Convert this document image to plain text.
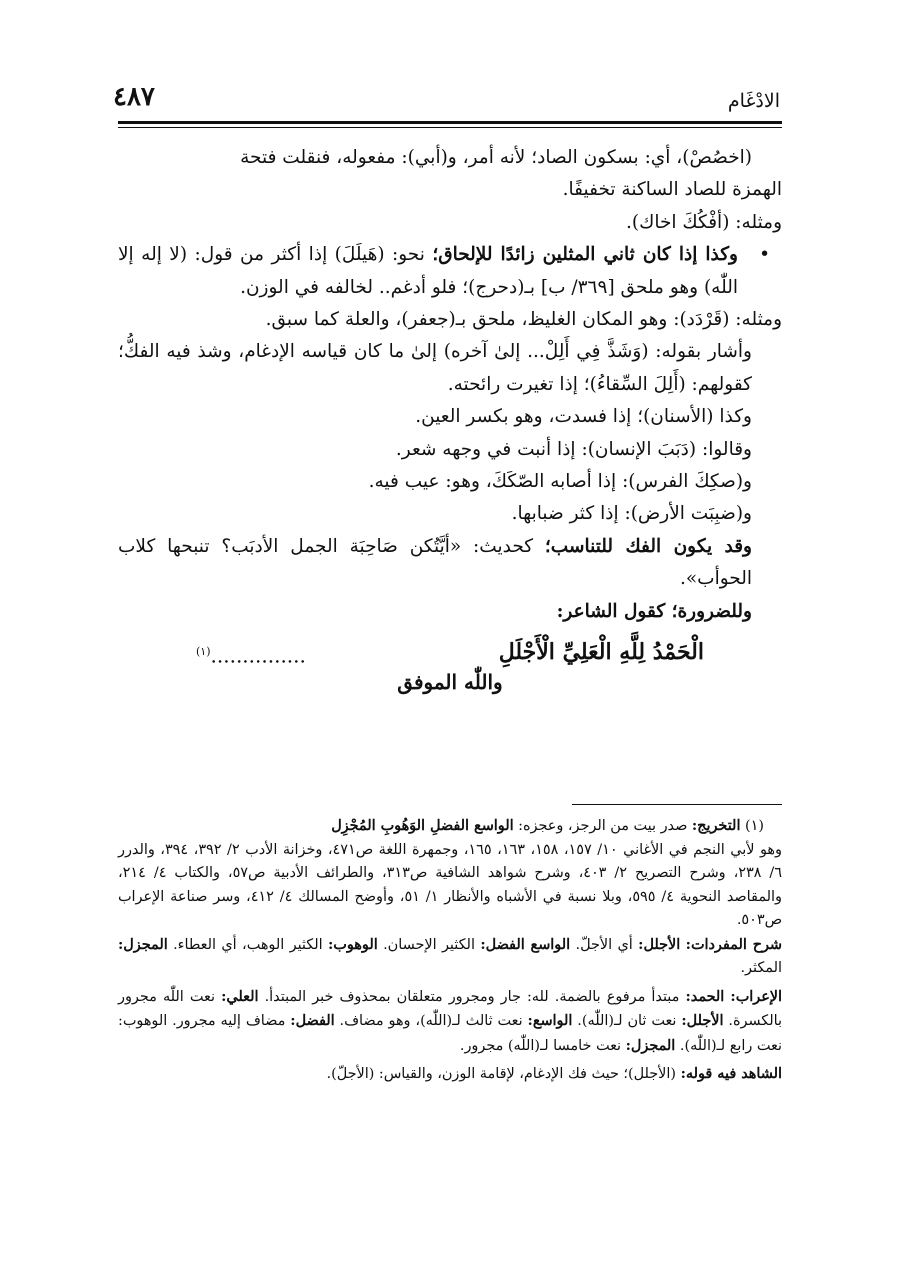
الادْغَام
٤٨٧

(اخصُصْ)، أي: بسكون الصاد؛ لأنه أمر، و(أبي): مفعوله، فنقلت فتحة

الهمزة للصاد الساكنة تخفيفًا.

ومثله: (أفْكُكَ اخاك).

•
وكذا إذا كان ثاني المثلين زائدًا للإلحاق؛ نحو: (هَيلَلَ) إذا أكثر من قول: (لا إله إلا اللّٰه) وهو ملحق [٣٦٩/ ب] بـ(دحرج)؛ فلو أدغم.. لخالفه في الوزن.

ومثله: (قَرْدَد): وهو المكان الغليظ، ملحق بـ(جعفر)، والعلة كما سبق.

وأشار بقوله: (وَشَذَّ فِي أَلِلْ... إلىٰ آخره) إلىٰ ما كان قياسه الإدغام، وشذ فيه الفكُّ؛ كقولهم: (أَلِلَ السِّقاءُ)؛ إذا تغيرت رائحته.

وكذا (الأسنان)؛ إذا فسدت، وهو بكسر العين.

وقالوا: (دَبَبَ الإنسان): إذا أنبت في وجهه شعر.

و(صكِكَ الفرس): إذا أصابه الصّكَكَ، وهو: عيب فيه.

و(ضبِبَت الأرض): إذا كثر ضبابها.

وقد يكون الفك للتناسب؛ كحديث: «أيَّتُكن صَاحِبَة الجمل الأدبَب؟ تنبحها كلاب الحوأب».

وللضرورة؛ كقول الشاعر:

الْحَمْدُ لِلَّهِ الْعَلِيِّ الْأَجْلَلِ
...............$^{(١)}$
واللّٰه الموفق

(١) التخريج: صدر بيت من الرجز، وعجزه: الواسع الفضلِ الوَهُوبِ المُجْزِل

وهو لأبي النجم في الأغاني ١٠/ ١٥٧، ١٥٨، ١٦٣، ١٦٥، وجمهرة اللغة ص٤٧١، وخزانة الأدب ٢/ ٣٩٢، ٣٩٤، والدرر ٦/ ٢٣٨، وشرح التصريح ٢/ ٤٠٣، وشرح شواهد الشافية ص٣١٣، والطرائف الأدبية ص٥٧، والكتاب ٤/ ٢١٤، والمقاصد النحوية ٤/ ٥٩٥، وبلا نسبة في الأشباه والأنظار ١/ ٥١، وأوضح المسالك ٤/ ٤١٢، وسر صناعة الإعراب ص٥٠٣.

شرح المفردات: الأجلل: أي الأجلّ. الواسع الفضل: الكثير الإحسان. الوهوب: الكثير الوهب، أي العطاء. المجزل: المكثر.

الإعراب: الحمد: مبتدأ مرفوع بالضمة. لله: جار ومجرور متعلقان بمحذوف خبر المبتدأ. العلي: نعت اللّٰه مجرور بالكسرة. الأجلل: نعت ثان لـ(اللّٰه). الواسع: نعت ثالث لـ(اللّٰه)، وهو مضاف. الفضل: مضاف إليه مجرور. الوهوب: نعت رابع لـ(اللّٰه). المجزل: نعت خامسا لـ(اللّٰه) مجرور.

الشاهد فيه قوله: (الأجلل)؛ حيث فك الإدغام، لإقامة الوزن، والقياس: (الأجلّ).
